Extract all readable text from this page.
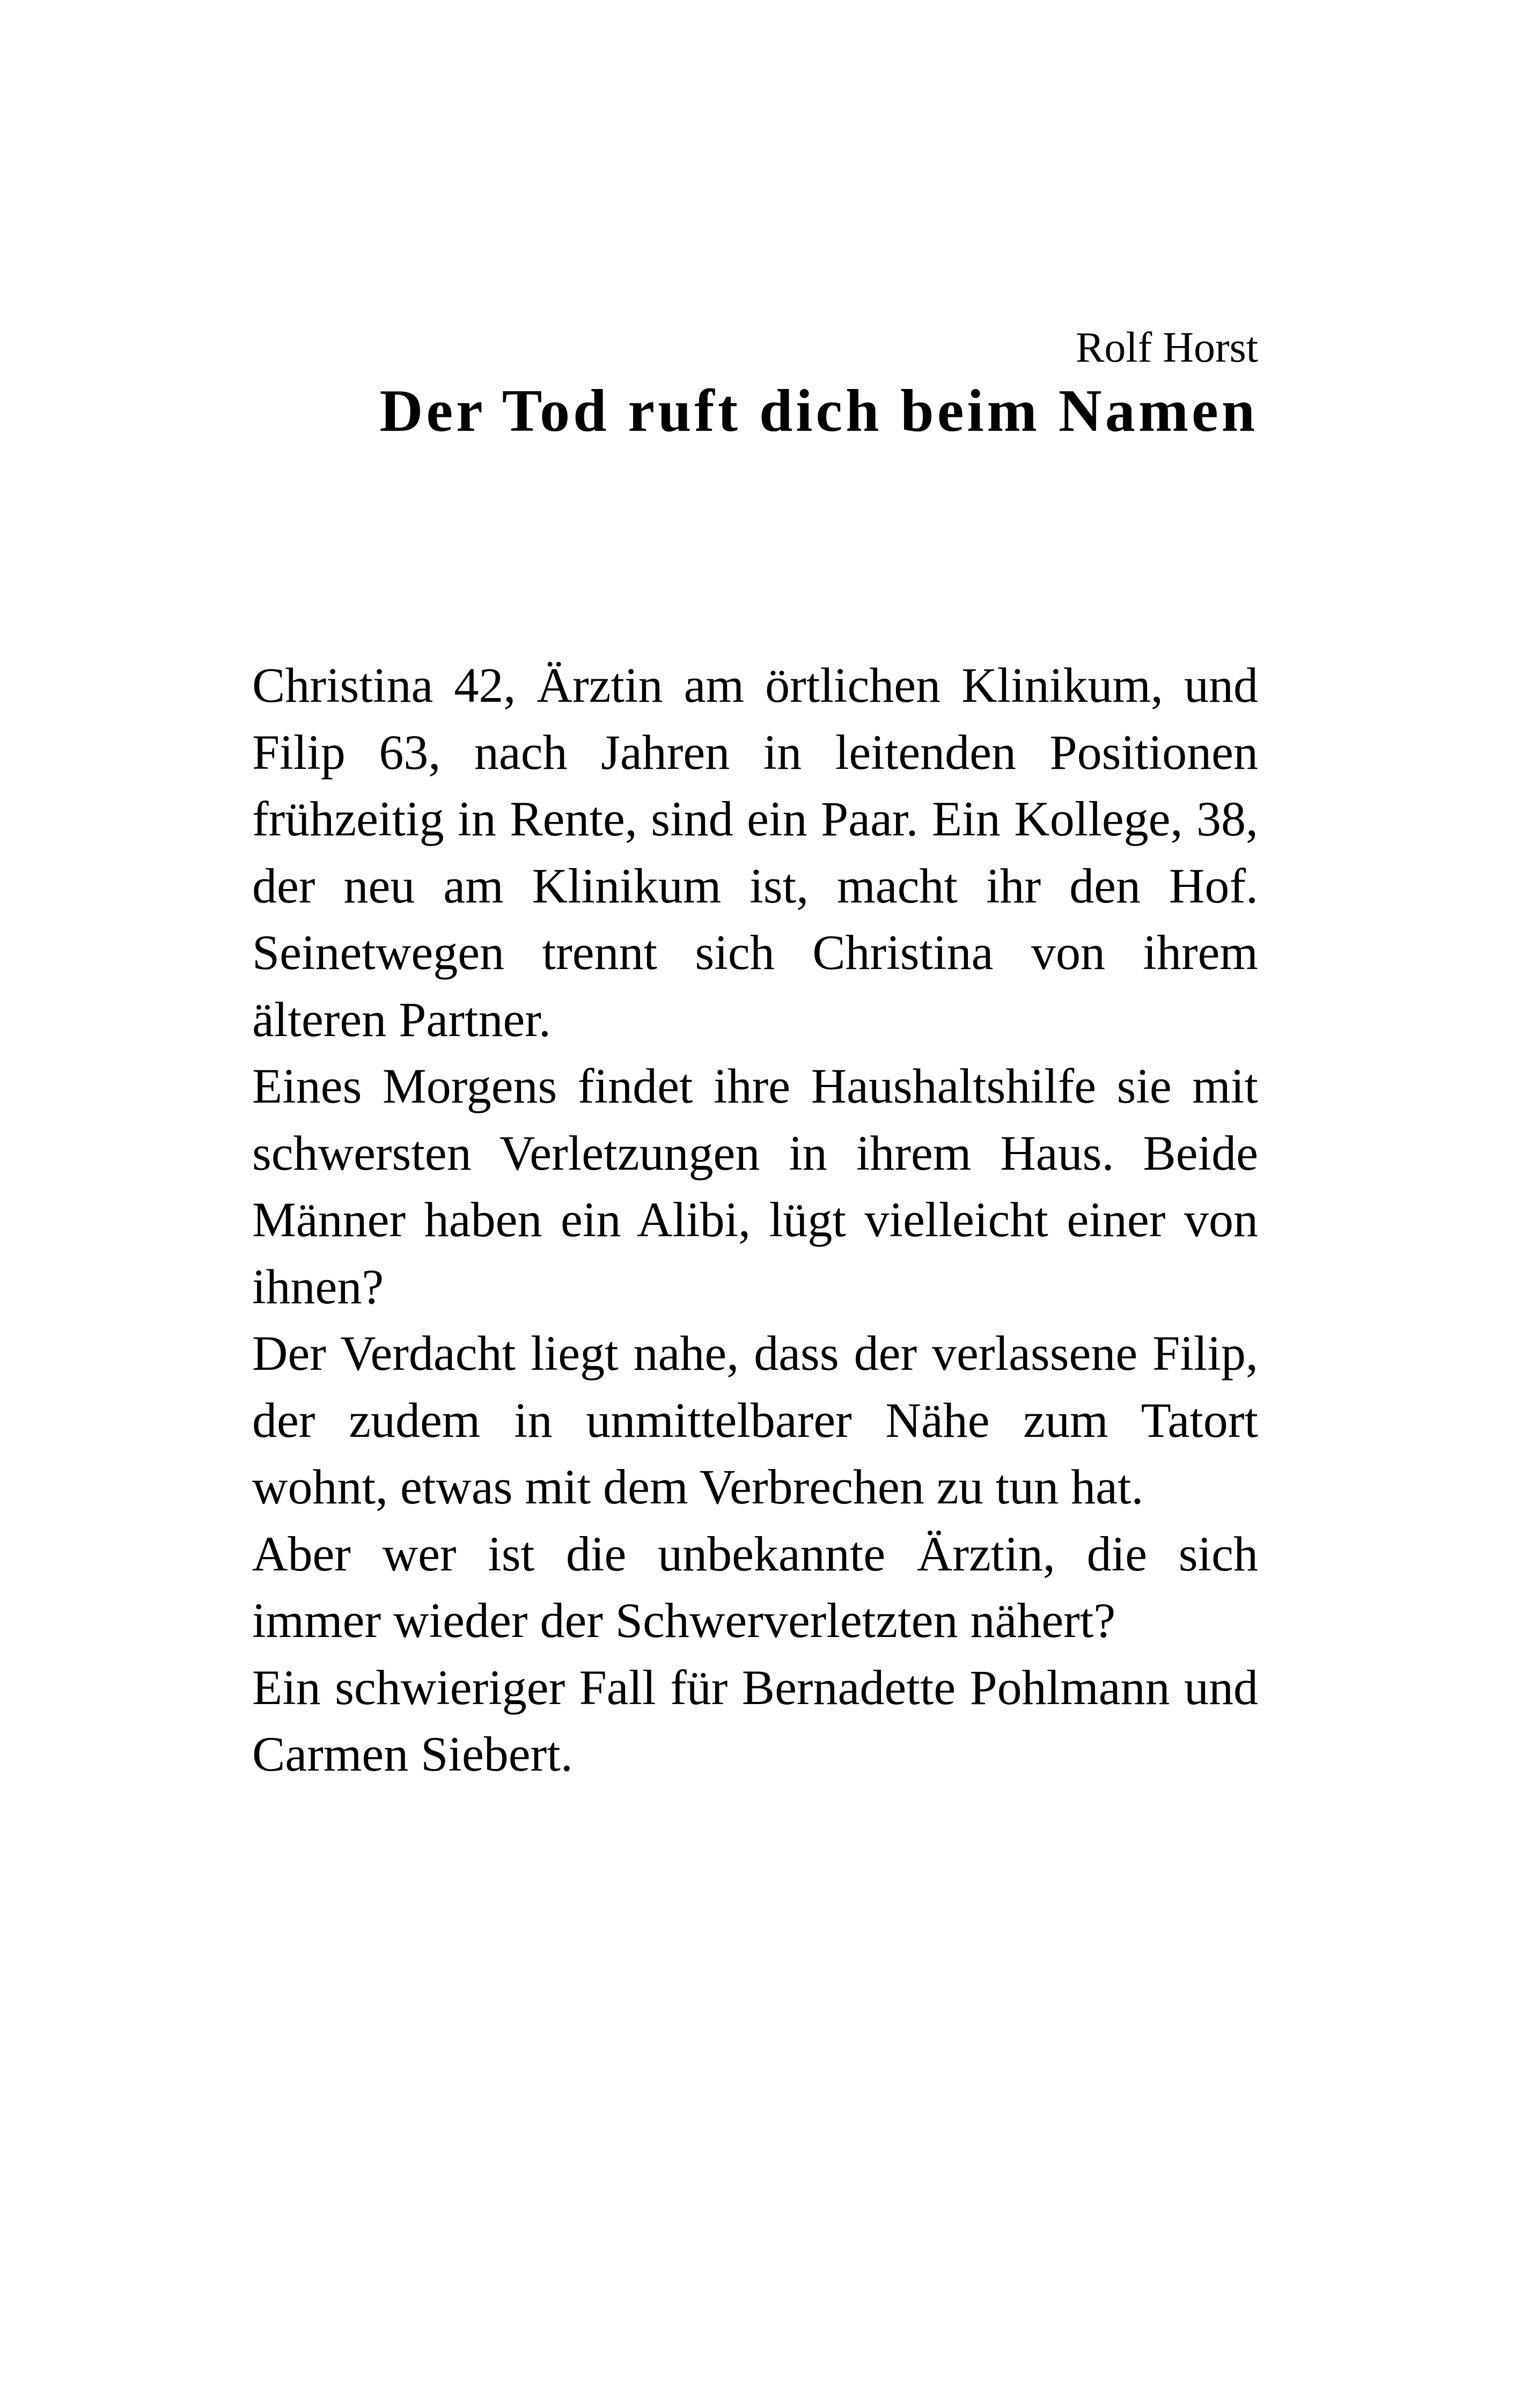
Rolf Horst

Der Tod ruft dich beim Namen

Christina 42, Ärztin am örtlichen Klinikum, und Filip 63, nach Jahren in leitenden Positionen frühzeitig in Rente, sind ein Paar. Ein Kollege, 38, der neu am Klinikum ist, macht ihr den Hof. Seinetwegen trennt sich Christina von ihrem älteren Partner.

Eines Morgens findet ihre Haushaltshilfe sie mit schwersten Verletzungen in ihrem Haus. Beide Männer haben ein Alibi, lügt vielleicht einer von ihnen?

Der Verdacht liegt nahe, dass der verlassene Filip, der zudem in unmittelbarer Nähe zum Tatort wohnt, etwas mit dem Verbrechen zu tun hat.

Aber wer ist die unbekannte Ärztin, die sich immer wieder der Schwerverletzten nähert?

Ein schwieriger Fall für Bernadette Pohlmann und Carmen Siebert.
